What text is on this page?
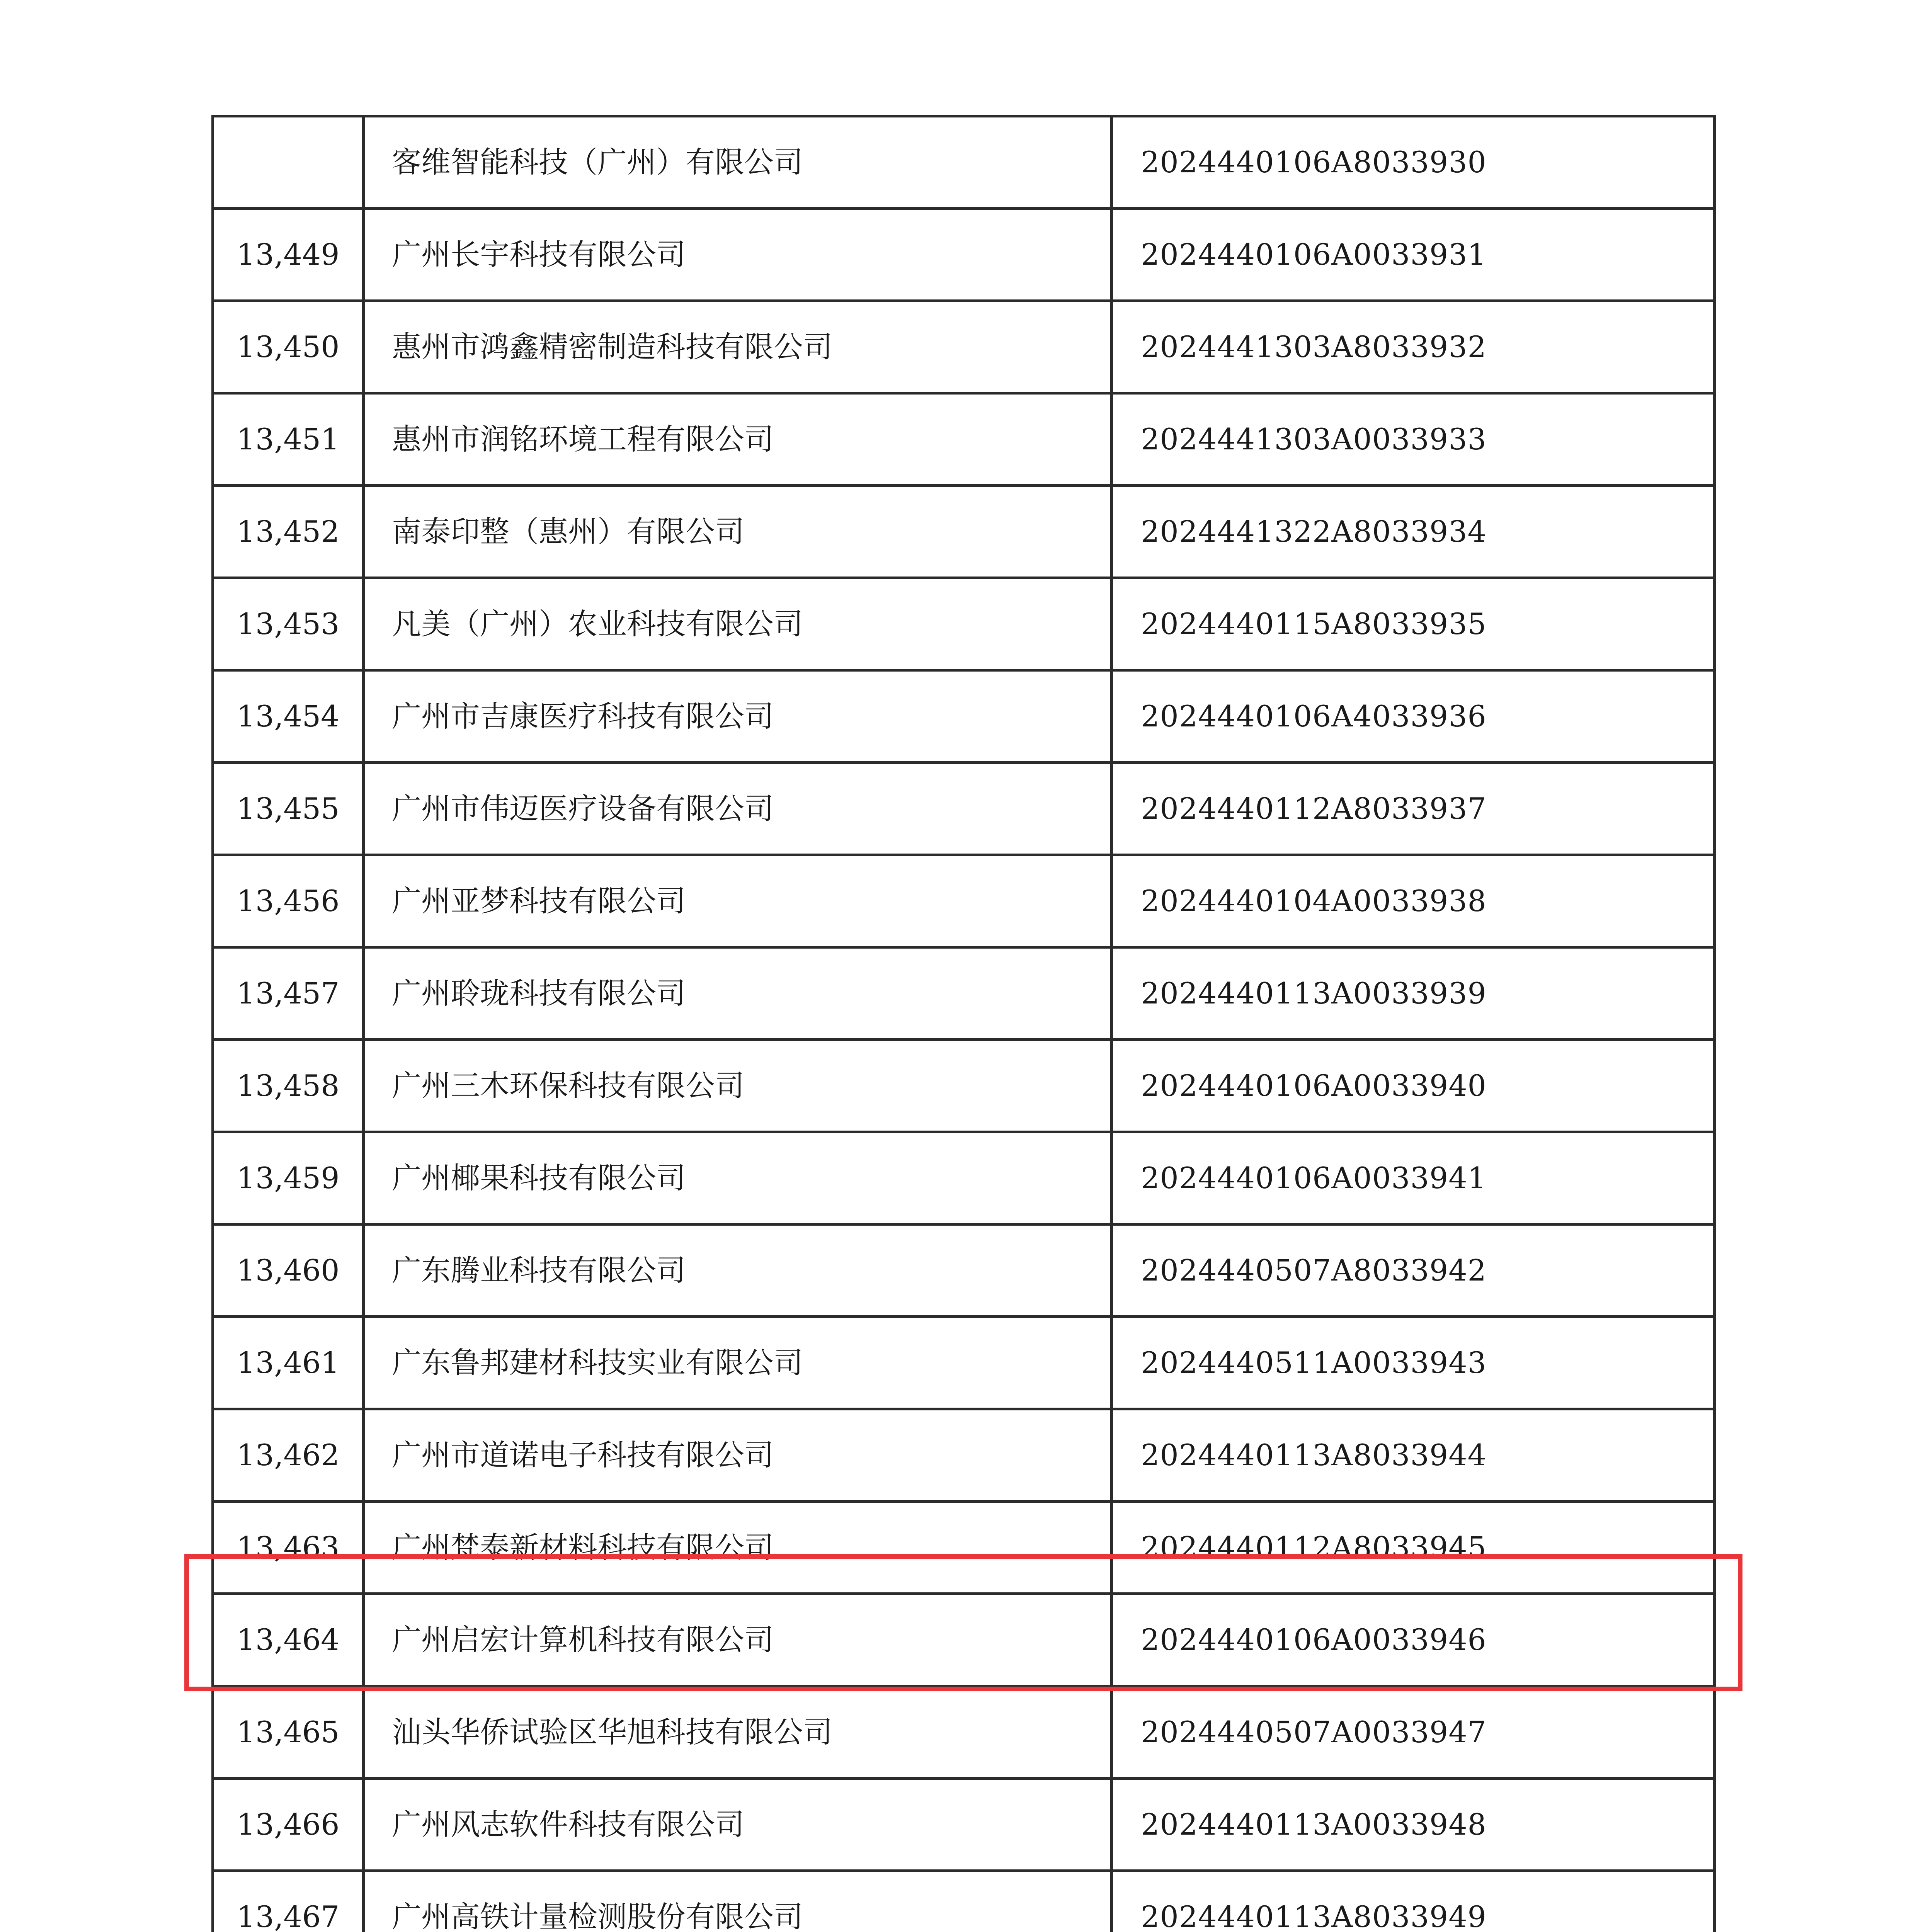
	客维智能科技（广州）有限公司	2024440106A8033930
13,449	广州长宇科技有限公司	2024440106A0033931
13,450	惠州市鸿鑫精密制造科技有限公司	2024441303A8033932
13,451	惠州市润铭环境工程有限公司	2024441303A0033933
13,452	南泰印整（惠州）有限公司	2024441322A8033934
13,453	凡美（广州）农业科技有限公司	2024440115A8033935
13,454	广州市吉康医疗科技有限公司	2024440106A4033936
13,455	广州市伟迈医疗设备有限公司	2024440112A8033937
13,456	广州亚梦科技有限公司	2024440104A0033938
13,457	广州聆珑科技有限公司	2024440113A0033939
13,458	广州三木环保科技有限公司	2024440106A0033940
13,459	广州椰果科技有限公司	2024440106A0033941
13,460	广东腾业科技有限公司	2024440507A8033942
13,461	广东鲁邦建材科技实业有限公司	2024440511A0033943
13,462	广州市道诺电子科技有限公司	2024440113A8033944
13,463	广州梵泰新材料科技有限公司	2024440112A8033945
13,464	广州启宏计算机科技有限公司	2024440106A0033946
13,465	汕头华侨试验区华旭科技有限公司	2024440507A0033947
13,466	广州风志软件科技有限公司	2024440113A0033948
13,467	广州高铁计量检测股份有限公司	2024440113A8033949
